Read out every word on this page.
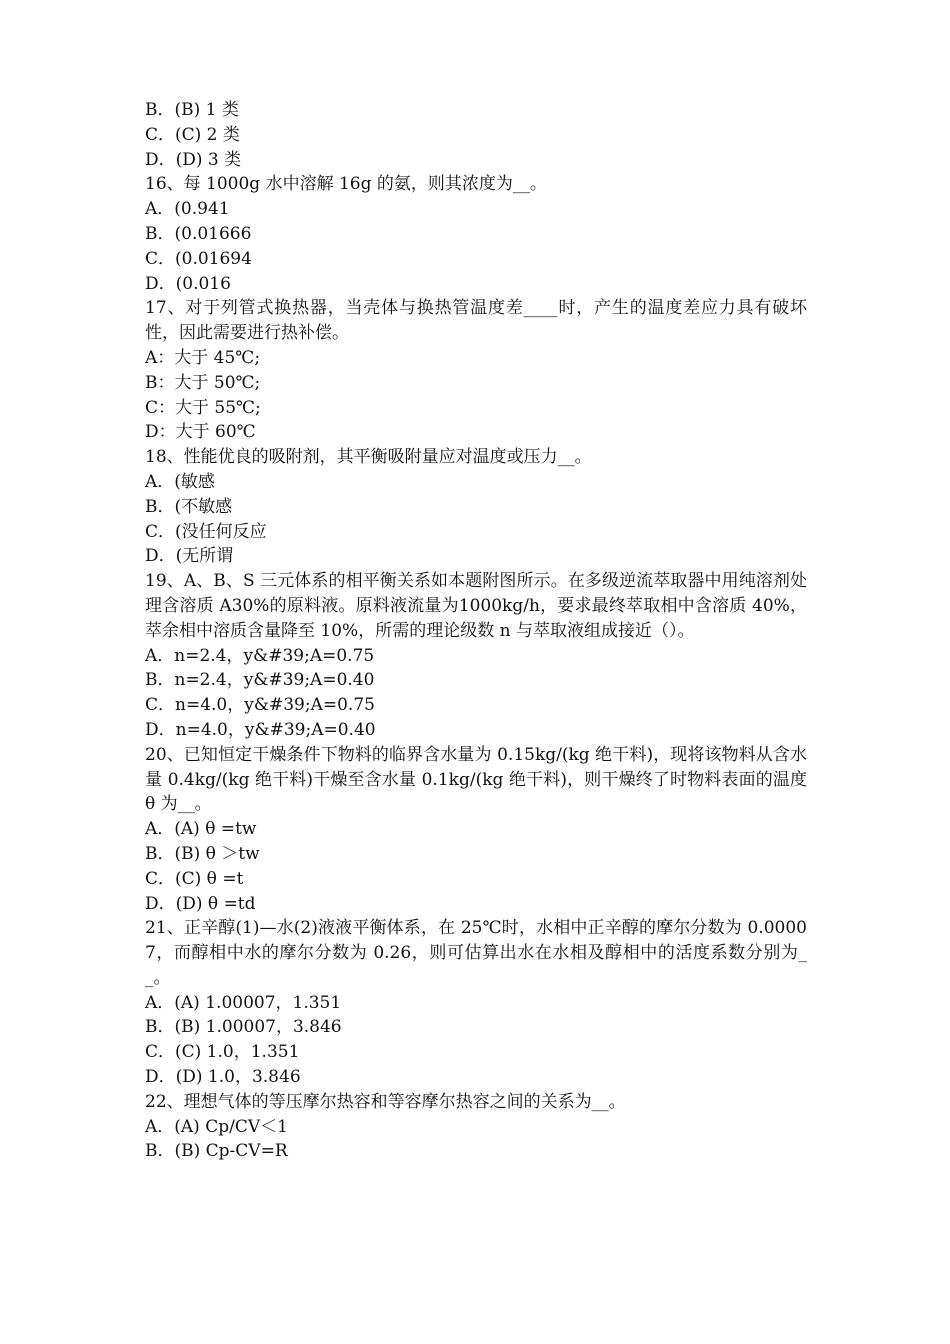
B．(B) 1 类
C．(C) 2 类
D．(D) 3 类
16、每 1000g 水中溶解 16g 的氨，则其浓度为__。
A．(0.941
B．(0.01666
C．(0.01694
D．(0.016
17、对于列管式换热器，当壳体与换热管温度差____时，产生的温度差应力具有破坏性，因此需要进行热补偿。
A：大于 45℃;
B：大于 50℃;
C：大于 55℃;
D：大于 60℃
18、性能优良的吸附剂，其平衡吸附量应对温度或压力__。
A．(敏感
B．(不敏感
C．(没任何反应
D．(无所谓
19、A、B、S 三元体系的相平衡关系如本题附图所示。在多级逆流萃取器中用纯溶剂处理含溶质 A30%的原料液。原料液流量为1000kg/h，要求最终萃取相中含溶质 40%，萃余相中溶质含量降至 10%，所需的理论级数 n 与萃取液组成接近（）。
A．n=2.4，y&#39;A=0.75
B．n=2.4，y&#39;A=0.40
C．n=4.0，y&#39;A=0.75
D．n=4.0，y&#39;A=0.40
20、已知恒定干燥条件下物料的临界含水量为 0.15kg/(kg 绝干料)，现将该物料从含水量 0.4kg/(kg 绝干料)干燥至含水量 0.1kg/(kg 绝干料)，则干燥终了时物料表面的温度θ 为__。
A．(A) θ =tw
B．(B) θ ＞tw
C．(C) θ =t
D．(D) θ =td
21、正辛醇(1)—水(2)液液平衡体系，在 25℃时，水相中正辛醇的摩尔分数为 0.00007，而醇相中水的摩尔分数为 0.26，则可估算出水在水相及醇相中的活度系数分别为__。
A．(A) 1.00007，1.351
B．(B) 1.00007，3.846
C．(C) 1.0，1.351
D．(D) 1.0，3.846
22、理想气体的等压摩尔热容和等容摩尔热容之间的关系为__。
A．(A) Cp/CV＜1
B．(B) Cp-CV=R
